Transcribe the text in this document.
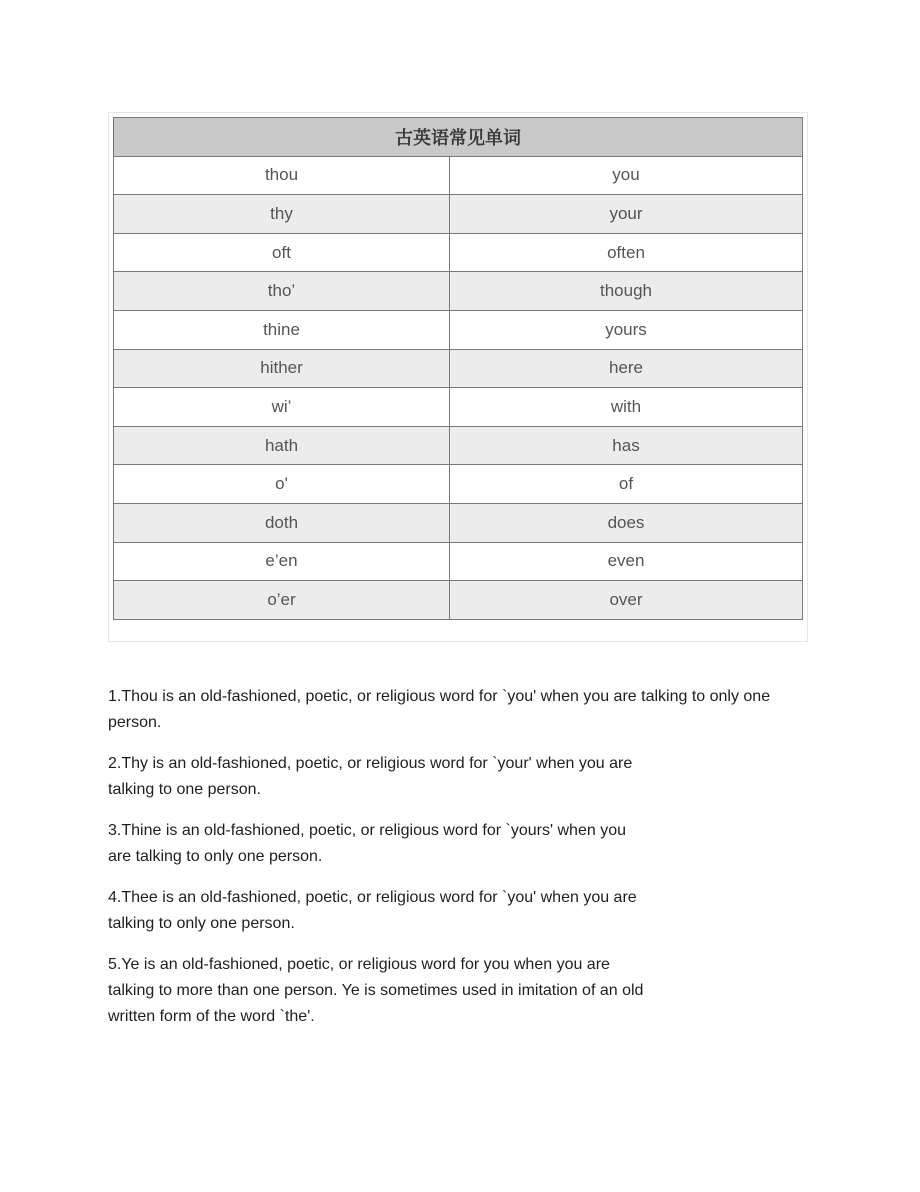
古英语常见单词	
thou	you
thy	your
oft	often
tho’	though
thine	yours
hither	here
wi’	with
hath	has
o'	of
doth	does
e’en	even
o’er	over

1.Thou is an old-fashioned, poetic, or religious word for `you' when you are talking to only one
person.

2.Thy is an old-fashioned, poetic, or religious word for `your' when you are
talking to one person.

3.Thine is an old-fashioned, poetic, or religious word for `yours' when you
are talking to only one person.

4.Thee is an old-fashioned, poetic, or religious word for `you' when you are
talking to only one person.

5.Ye is an old-fashioned, poetic, or religious word for you when you are
talking to more than one person. Ye is sometimes used in imitation of an old
written form of the word `the'.
